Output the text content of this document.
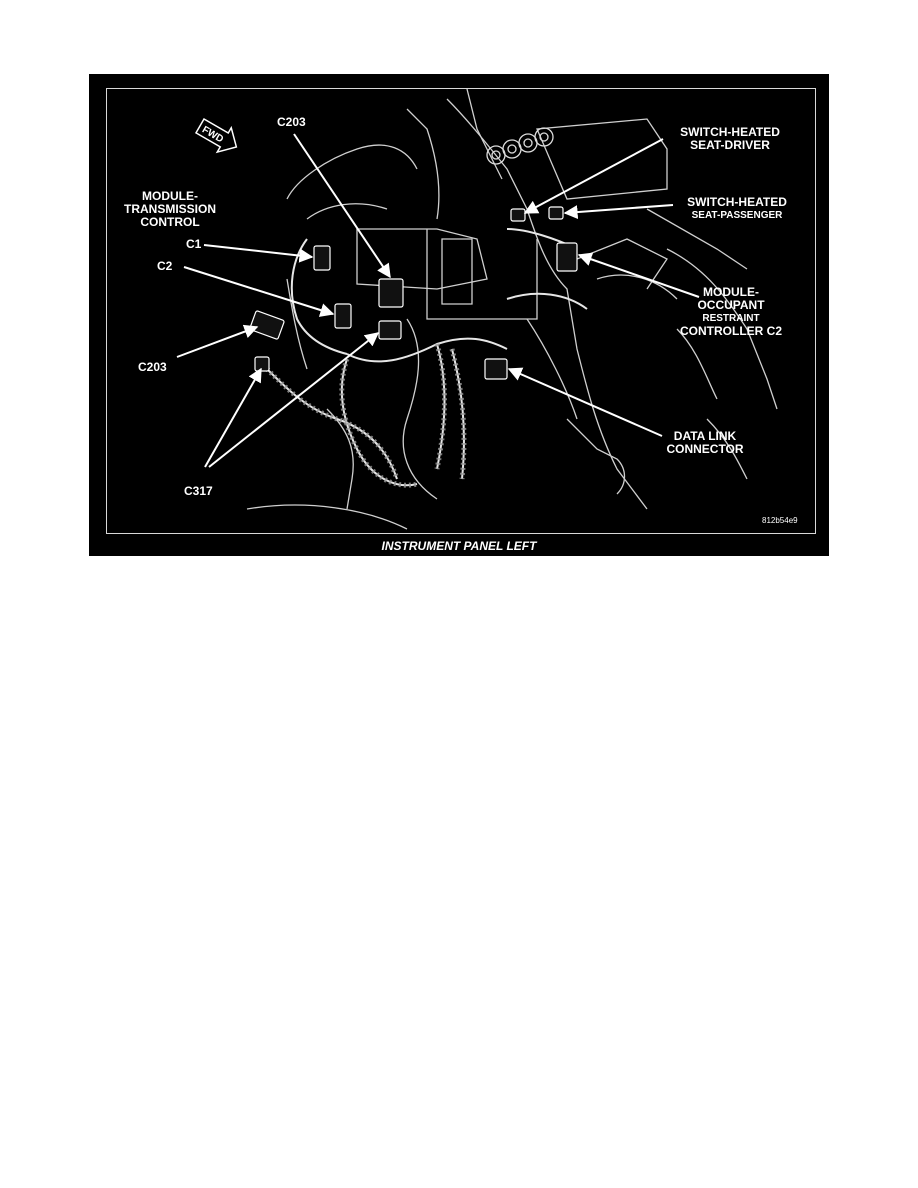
FWD
C203
MODULE-
TRANSMISSION
CONTROL
C1
C2
C203
C317
SWITCH-HEATED
SEAT-DRIVER
SWITCH-HEATED
SEAT-PASSENGER
MODULE-
OCCUPANT
RESTRAINT
CONTROLLER C2
DATA LINK
CONNECTOR
812b54e9
INSTRUMENT PANEL LEFT
